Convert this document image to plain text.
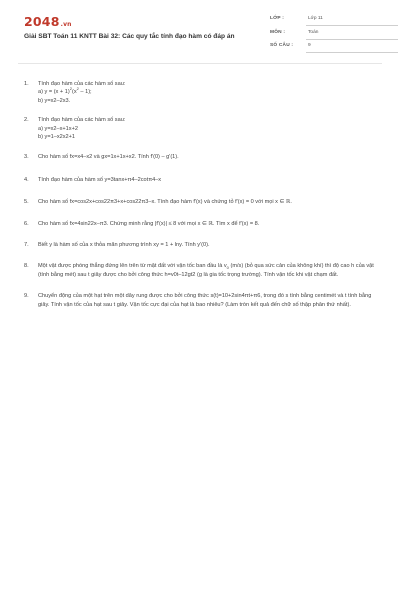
2048.vn
Giải SBT Toán 11 KNTT Bài 32: Các quy tắc tính đạo hàm có đáp án
LỚP :	Lớp 11
MÔN :	Toán
SỐ CÂU :	9
1. Tính đạo hàm của các hàm số sau:
a) $y = (x + 1)^2(x^2 - 1)$;
b) y=x2–2x3.
2. Tính đạo hàm của các hàm số sau:
a) y=x2–x+1x+2
b) y=1–x2x2+1
3. Cho hàm số fx=x4–x2 và gx=1x+1x+x2. Tính f'(0) – g'(1).
4. Tính đạo hàm của hàm số y=3tanx+π4–2cotπ4–x
5. Cho hàm số fx=cos2x+cos22π3+x+cos22π3–x. Tính đạo hàm f'(x) và chứng tỏ f'(x) = 0 với mọi x ∈ ℝ.
6. Cho hàm số fx=4sin22x–π3. Chứng minh rằng |f'(x)| ≤ 8 với mọi x ∈ ℝ. Tìm x để f'(x) = 8.
7. Biết y là hàm số của x thỏa mãn phương trình xy = 1 + lny. Tính y'(0).
8. Một vật được phóng thẳng đứng lên trên từ mặt đất với vận tốc ban đầu là $v_0$ (m/s) (bỏ qua sức cản của không khí) thì độ cao h của vật (tính bằng mét) sau t giây được cho bởi công thức h=v0t–12gt2 (g là gia tốc trọng trường). Tính vận tốc khi vật chạm đất.
9. Chuyển động của một hạt trên một dây rung được cho bởi công thức s(t)=10+2sin4πt+π6, trong đó s tính bằng centimét và t tính bằng giây. Tính vận tốc của hạt sau t giây. Vận tốc cực đại của hạt là bao nhiêu? (Làm tròn kết quả đến chữ số thập phân thứ nhất).
